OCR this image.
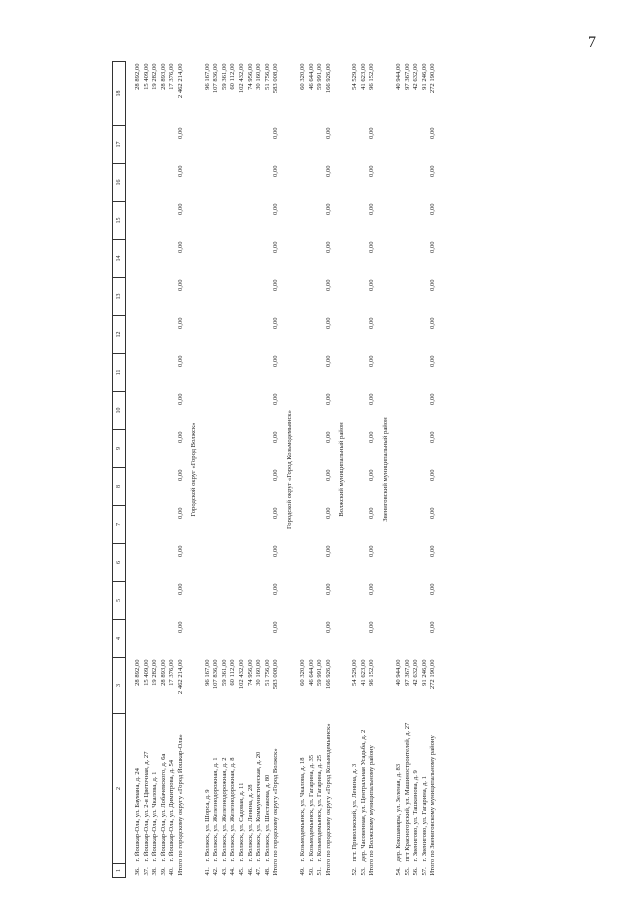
7
1	2	3	4	5	6	7	8	9	10	11	12	13	14	15	16	17	18

36.	г. Йошкар-Ола, ул. Баумана, д. 24	28 892,00															28 892,00
37.	г. Йошкар-Ола, ул. 2-я Цветочная, д. 27	15 409,00															15 409,00
38.	г. Йошкар-Ола, ул. Чкалова, д. 1	19 282,00															19 282,00
39.	г. Йошкар-Ола, ул. Лобачевского, д. 6а	28 893,00															28 893,00
40.	г. Йошкар-Ола, ул. Димитрова, д. 54	17 376,00															17 376,00
Итого по городскому округу «Город Йошкар-Ола»		2 462 214,00	0,00	0,00	0,00	0,00	0,00	0,00	0,00	0,00	0,00	0,00	0,00	0,00	0,00	0,00	2 462 214,00
Городской округ «Город Волжск»																	
41.	г. Волжск, ул. Шорса, д. 9	96 167,00															96 167,00
42.	г. Волжск, ул. Железнодорожная, д. 1	107 836,00															107 836,00
43.	г. Волжск, ул. Железнодорожная, д. 2	59 361,00															59 361,00
44.	г. Волжск, ул. Железнодорожная, д. 8	60 112,00															60 112,00
45.	г. Волжск, ул. Садовая, д. 11	102 432,00															102 432,00
46.	г. Волжск, ул. Ленина, д. 28	74 956,00															74 956,00
47.	г. Волжск, ул. Коммунистическая, д. 20	30 160,00															30 160,00
48.	г. Волжск, ул. Шестакова, д. 80	51 756,00															51 756,00
Итого по городскому округу «Город Волжск»		583 008,00	0,00	0,00	0,00	0,00	0,00	0,00	0,00	0,00	0,00	0,00	0,00	0,00	0,00	0,00	583 008,00
Городской округ «Город Козьмодемьянск»																	
49.	г. Козьмодемьянск, ул. Чкалова, д. 18	60 320,00															60 320,00
50.	г. Козьмодемьянск, ул. Гагарина, д. 35	46 644,00															46 644,00
51.	г. Козьмодемьянск, ул. Гагарина, д. 25	59 991,00															59 991,00
Итого по городскому округу «Город Козьмодемьянск»		166 926,00	0,00	0,00	0,00	0,00	0,00	0,00	0,00	0,00	0,00	0,00	0,00	0,00	0,00	0,00	166 926,00
Волжский муниципальный район																	
52.	пгт. Приволжский, ул. Ленина, д. 3	54 529,00															54 529,00
53.	дер. Часовенная, ул. Центральная Усадьба, д. 2	41 623,00															41 623,00
Итого по Волжскому муниципальному району		96 152,00	0,00	0,00	0,00	0,00	0,00	0,00	0,00	0,00	0,00	0,00	0,00	0,00	0,00	0,00	96 152,00
Звениговский муниципальный район																	
54.	дер. Кокшамары, ул. Зеленая, д. 83	40 944,00															40 944,00
55.	пгт Красногорский, ул. Машиностроителей, д. 27	97 367,00															97 367,00
56.	г. Звенигово, ул. Ташкинова, д. 9	42 632,00															42 632,00
57.	г. Звенигово, ул. Гагарина, д. 1	91 246,00															91 246,00
Итого по Звениговскому муниципальному району		272 190,00	0,00	0,00	0,00	0,00	0,00	0,00	0,00	0,00	0,00	0,00	0,00	0,00	0,00	0,00	272 190,00
